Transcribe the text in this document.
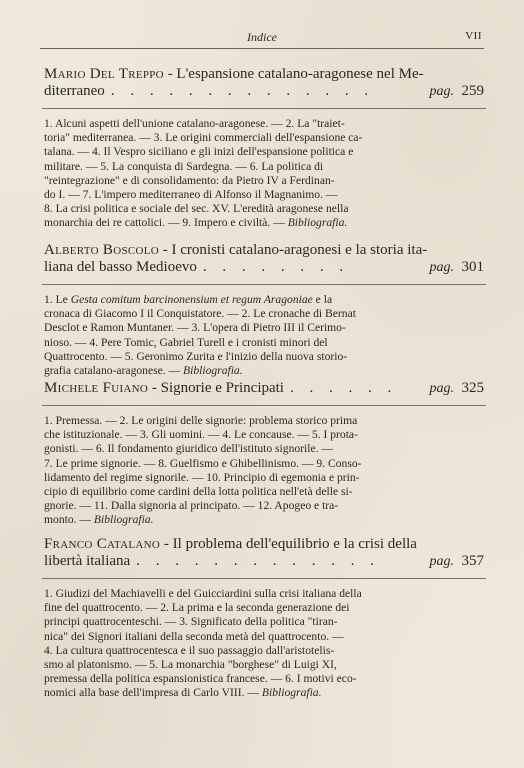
Indice	VII
Mario Del Treppo - L'espansione catalano-aragonese nel Me-
diterraneo . . . . . . . . . . . . . .	pag. 259
1. Alcuni aspetti dell'unione catalano-aragonese. — 2. La "traiet-
toria" mediterranea. — 3. Le origini commerciali dell'espansione ca-
talana. — 4. Il Vespro siciliano e gli inizi dell'espansione politica e
militare. — 5. La conquista di Sardegna. — 6. La politica di
"reintegrazione" e di consolidamento: da Pietro IV a Ferdinan-
do I. — 7. L'impero mediterraneo di Alfonso il Magnanimo. —
8. La crisi politica e sociale del sec. XV. L'eredità aragonese nella
monarchia dei re cattolici. — 9. Impero e civiltà. — Bibliografia.
Alberto Boscolo - I cronisti catalano-aragonesi e la storia ita-
liana del basso Medioevo . . . . . . . .	pag. 301
1. Le Gesta comitum barcinonensium et regum Aragoniae e la
cronaca di Giacomo I il Conquistatore. — 2. Le cronache di Bernat
Desclot e Ramon Muntaner. — 3. L'opera di Pietro III il Cerimo-
nioso. — 4. Pere Tomic, Gabriel Turell e i cronisti minori del
Quattrocento. — 5. Geronimo Zurita e l'inizio della nuova storio-
grafia catalano-aragonese. — Bibliografia.
Michele Fuiano - Signorie e Principati . . . . . . pag. 325
1. Premessa. — 2. Le origini delle signorie: problema storico prima
che istituzionale. — 3. Gli uomini. — 4. Le concause. — 5. I prota-
gonisti. — 6. Il fondamento giuridico dell'istituto signorile. —
7. Le prime signorie. — 8. Guelfismo e Ghibellinismo. — 9. Conso-
lidamento del regime signorile. — 10. Principio di egemonia e prin-
cipio di equilibrio come cardini della lotta politica nell'età delle si-
gnorie. — 11. Dalla signoria al principato. — 12. Apogeo e tra-
monto. — Bibliografia.
Franco Catalano - Il problema dell'equilibrio e la crisi della
libertà italiana . . . . . . . . . . . . .	pag. 357
1. Giudizi del Machiavelli e del Guicciardini sulla crisi italiana della
fine del quattrocento. — 2. La prima e la seconda generazione dei
principi quattrocenteschi. — 3. Significato della politica "tiran-
nica" dei Signori italiani della seconda metà del quattrocento. —
4. La cultura quattrocentesca e il suo passaggio dall'aristotelis-
smo al platonismo. — 5. La monarchia "borghese" di Luigi XI,
premessa della politica espansionistica francese. — 6. I motivi eco-
nomici alla base dell'impresa di Carlo VIII. — Bibliografia.
